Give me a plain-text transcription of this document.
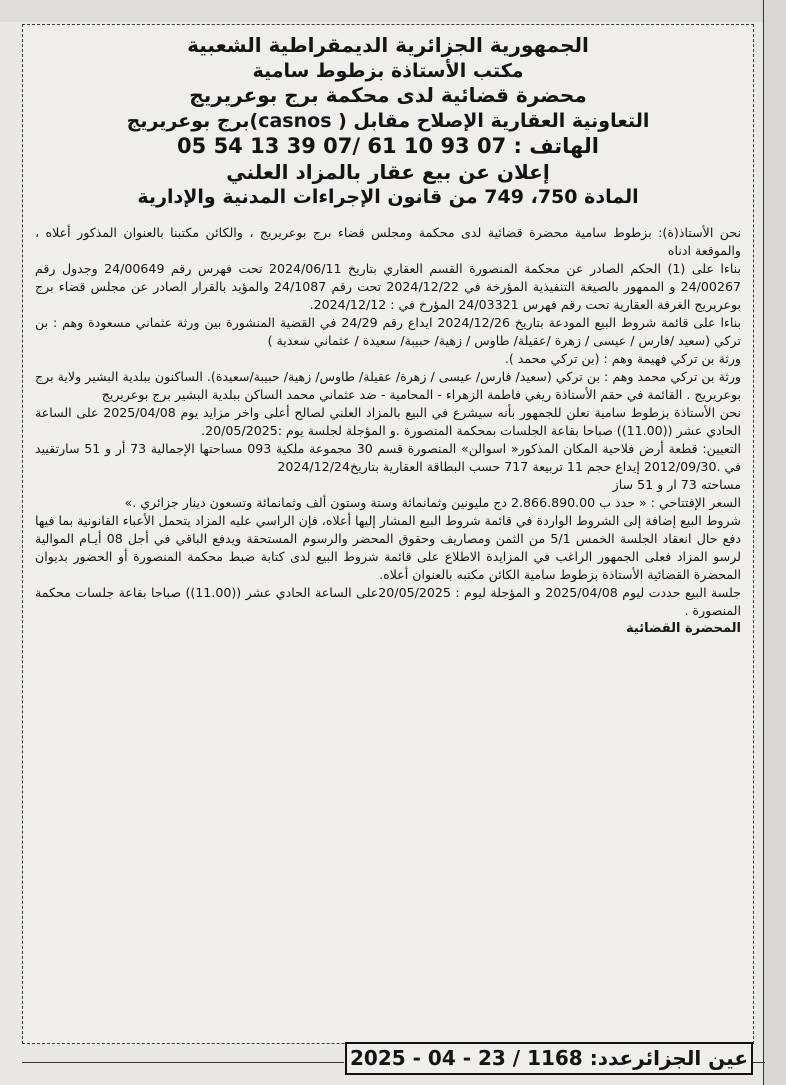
الجمهورية الجزائرية الديمقراطية الشعبية

مكتب الأستاذة بزطوط سامية

محضرة قضائية لدى محكمة برج بوعريريج

التعاونية العقارية الإصلاح مقابل ( casnos)برج بوعريريج

الهاتف : 05 54 13 39 07/ 61 10 93 07

إعلان عن بيع عقار بالمزاد العلني

المادة 750، 749 من قانون الإجراءات المدنية والإدارية

نحن الأستاذ(ة): بزطوط سامية محضرة قضائية لدى محكمة ومجلس قضاء برج بوعريريج ، والكائن مكتبنا بالعنوان المذكور أعلاه ، والموقعة ادناه

بناءا على (1) الحكم الصادر عن محكمة المنصورة القسم العقاري بتاريخ 2024/06/11 تحت فهرس رقم 24/00649 وجدول رقم 24/00267 و الممهور بالصيغة التنفيذية المؤرخة في 2024/12/22 تحت رقم 24/1087 والمؤيد بالقرار الصادر عن مجلس قضاء برج بوعريريج الغرفة العقارية تحت رقم فهرس 24/03321 المؤرخ في : 2024/12/12.

بناءا على قائمة شروط البيع المودعة بتاريخ 2024/12/26 ايداع رقم 24/29 في القضية المنشورة بين ورثة عثماني مسعودة وهم : بن تركي (سعيد /فارس / عيسى / زهرة /عقيلة/ طاوس / زهية/ حبيبة/ سعيدة / عثماني سعدية )

ورثة بن تركي فهيمة وهم : (بن تركي محمد ).

ورثة بن تركي محمد وهم : بن تركي (سعيد/ فارس/ عيسى / زهرة/ عقيلة/ طاوس/ زهية/ حبيبة/سعيدة). الساكنون ببلدية البشير ولاية برج بوعريريج . القائمة في حقم الأستاذة ريغي فاطمة الزهراء - المحامية - ضد عثماني محمد الساكن ببلدية البشير برج بوعريريج

نحن الأستاذة بزطوط سامية نعلن للجمهور بأنه سيشرع في البيع بالمزاد العلني لصالح أعلى واخر مزايد يوم 2025/04/08 على الساعة الحادي عشر ((11.00)) صباحا بقاعة الجلسات بمحكمة المنصورة .و المؤجلة لجلسة يوم :20/05/2025.

التعيين: قطعة أرض فلاحية المكان المذكور« اسوالن» المنصورة قسم 30 مجموعة ملكية 093 مساحتها الإجمالية 73 أر و 51 سارتقييد في .2012/09/30 إيداع حجم 11 تربيعة 717 حسب البطاقة العقارية بتاريخ2024/12/24

مساحته 73 ار و 51 ساز

السعر الإفتتاحي : « حدد ب 2.866.890.00 دج مليونين وثمانمائة وستة وستون ألف وثمانمائة وتسعون دينار جزائري .»

شروط البيع إضافة إلى الشروط الواردة في قائمة شروط البيع المشار إليها أعلاه، فإن الراسي عليه المزاد يتحمل الأعباء القانونية بما فيها دفع حال انعقاد الجلسة الخمس 5/1 من الثمن ومصاريف وحقوق المحضر والرسوم المستحقة ويدفع الباقي في أجل 08 أيـام الموالية لرسو المزاد فعلى الجمهور الراغب في المزايدة الاطلاع على قائمة شروط البيع لدى كتابة ضبط محكمة المنصورة أو الحضور بديوان المحضرة القضائية الأستاذة بزطوط سامية الكائن مكتبه بالعنوان أعلاه.

جلسة البيع حددت ليوم 2025/04/08 و المؤجلة ليوم : 20/05/2025على الساعة الحادي عشر ((11.00)) صباحا بقاعة جلسات محكمة المنصورة .

المحضرة القضائية

عين الجزائرعدد: 1168 / 23 - 04 - 2025
